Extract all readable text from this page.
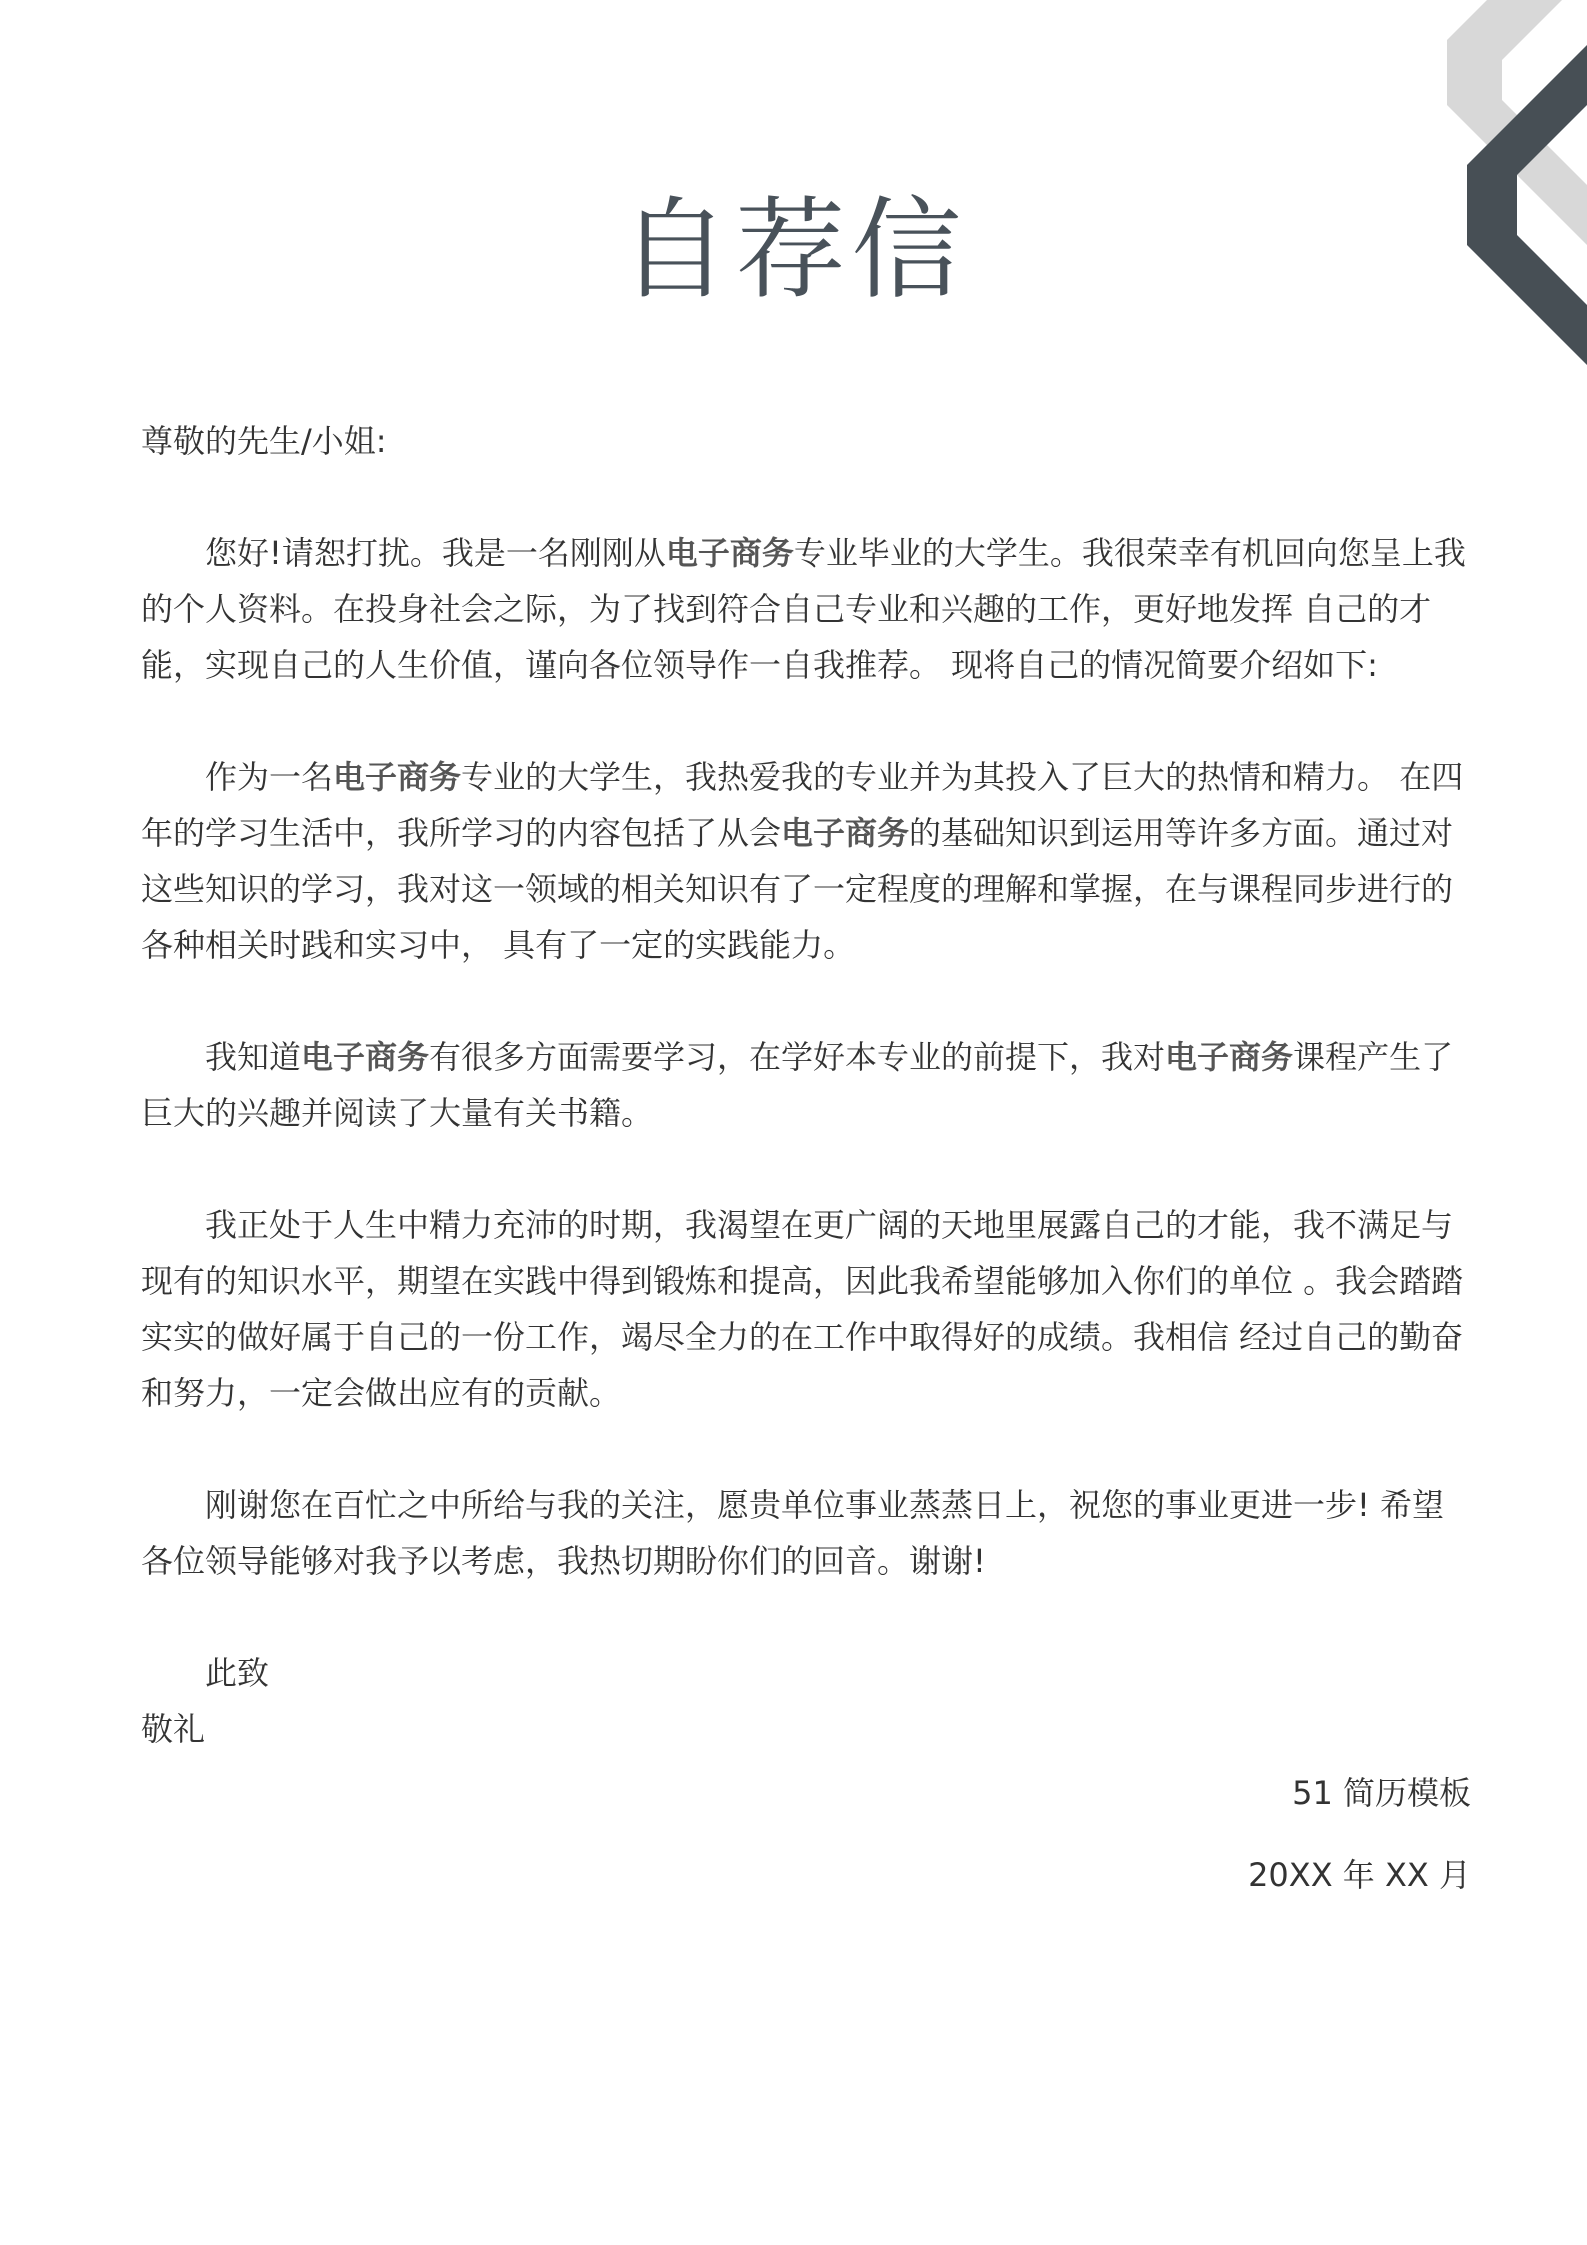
自荐信

尊敬的先生/小姐:

您好!请恕打扰。我是一名刚刚从电子商务专业毕业的大学生。我很荣幸有机回向您呈上我的个人资料。在投身社会之际，为了找到符合自己专业和兴趣的工作，更好地发挥 自己的才能，实现自己的人生价值，谨向各位领导作一自我推荐。 现将自己的情况简要介绍如下:

作为一名电子商务专业的大学生，我热爱我的专业并为其投入了巨大的热情和精力。 在四年的学习生活中，我所学习的内容包括了从会电子商务的基础知识到运用等许多方面。通过对这些知识的学习，我对这一领域的相关知识有了一定程度的理解和掌握，在与课程同步进行的各种相关时践和实习中， 具有了一定的实践能力。

我知道电子商务有很多方面需要学习，在学好本专业的前提下，我对电子商务课程产生了巨大的兴趣并阅读了大量有关书籍。

我正处于人生中精力充沛的时期，我渴望在更广阔的天地里展露自己的才能，我不满足与现有的知识水平，期望在实践中得到锻炼和提高，因此我希望能够加入你们的单位 。我会踏踏实实的做好属于自己的一份工作，竭尽全力的在工作中取得好的成绩。我相信 经过自己的勤奋和努力，一定会做出应有的贡献。

刚谢您在百忙之中所给与我的关注，愿贵单位事业蒸蒸日上，祝您的事业更进一步! 希望各位领导能够对我予以考虑，我热切期盼你们的回音。谢谢!

此致

敬礼

51 简历模板

20XX 年 XX 月
